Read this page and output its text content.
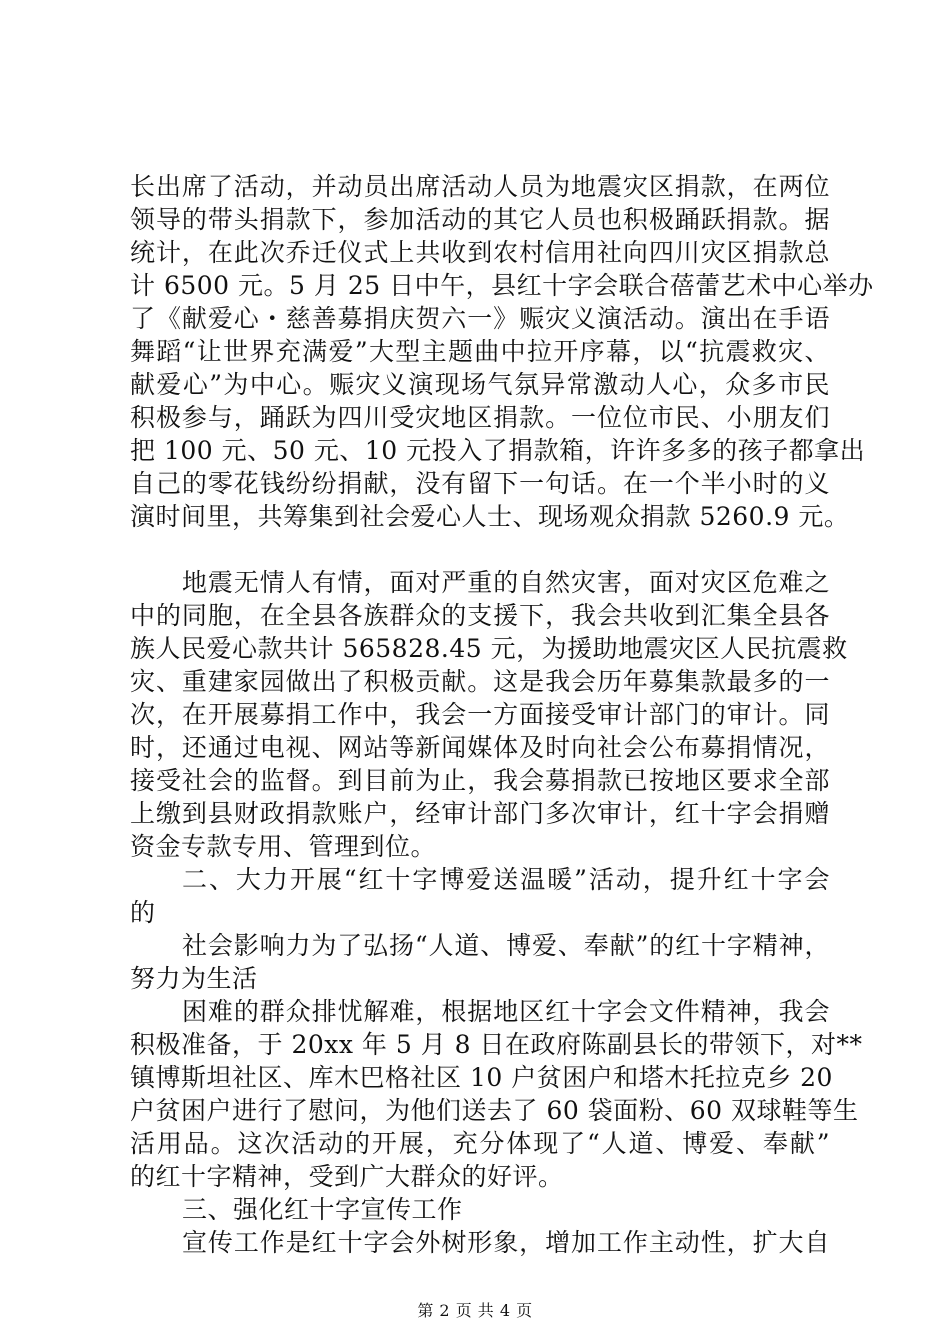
长出席了活动，并动员出席活动人员为地震灾区捐款，在两位
领导的带头捐款下，参加活动的其它人员也积极踊跃捐款。据
统计，在此次乔迁仪式上共收到农村信用社向四川灾区捐款总
计 6500 元。5 月 25 日中午，县红十字会联合蓓蕾艺术中心举办
了《献爱心・慈善募捐庆贺六一》赈灾义演活动。演出在手语
舞蹈“让世界充满爱”大型主题曲中拉开序幕，以“抗震救灾、
献爱心”为中心。赈灾义演现场气氛异常激动人心，众多市民
积极参与，踊跃为四川受灾地区捐款。一位位市民、小朋友们
把 100 元、50 元、10 元投入了捐款箱，许许多多的孩子都拿出
自己的零花钱纷纷捐献，没有留下一句话。在一个半小时的义
演时间里，共筹集到社会爱心人士、现场观众捐款 5260.9 元。
地震无情人有情，面对严重的自然灾害，面对灾区危难之
中的同胞，在全县各族群众的支援下，我会共收到汇集全县各
族人民爱心款共计 565828.45 元，为援助地震灾区人民抗震救
灾、重建家园做出了积极贡献。这是我会历年募集款最多的一
次，在开展募捐工作中，我会一方面接受审计部门的审计。同
时，还通过电视、网站等新闻媒体及时向社会公布募捐情况，
接受社会的监督。到目前为止，我会募捐款已按地区要求全部
上缴到县财政捐款账户，经审计部门多次审计，红十字会捐赠
资金专款专用、管理到位。
二、大力开展“红十字博爱送温暖”活动，提升红十字会
的
社会影响力为了弘扬“人道、博爱、奉献”的红十字精神，
努力为生活
困难的群众排忧解难，根据地区红十字会文件精神，我会
积极准备，于 20xx 年 5 月 8 日在政府陈副县长的带领下，对**
镇博斯坦社区、库木巴格社区 10 户贫困户和塔木托拉克乡 20
户贫困户进行了慰问，为他们送去了 60 袋面粉、60 双球鞋等生
活用品。这次活动的开展，充分体现了“人道、博爱、奉献”
的红十字精神，受到广大群众的好评。
三、强化红十字宣传工作
宣传工作是红十字会外树形象，增加工作主动性，扩大自
第 2 页 共 4 页
